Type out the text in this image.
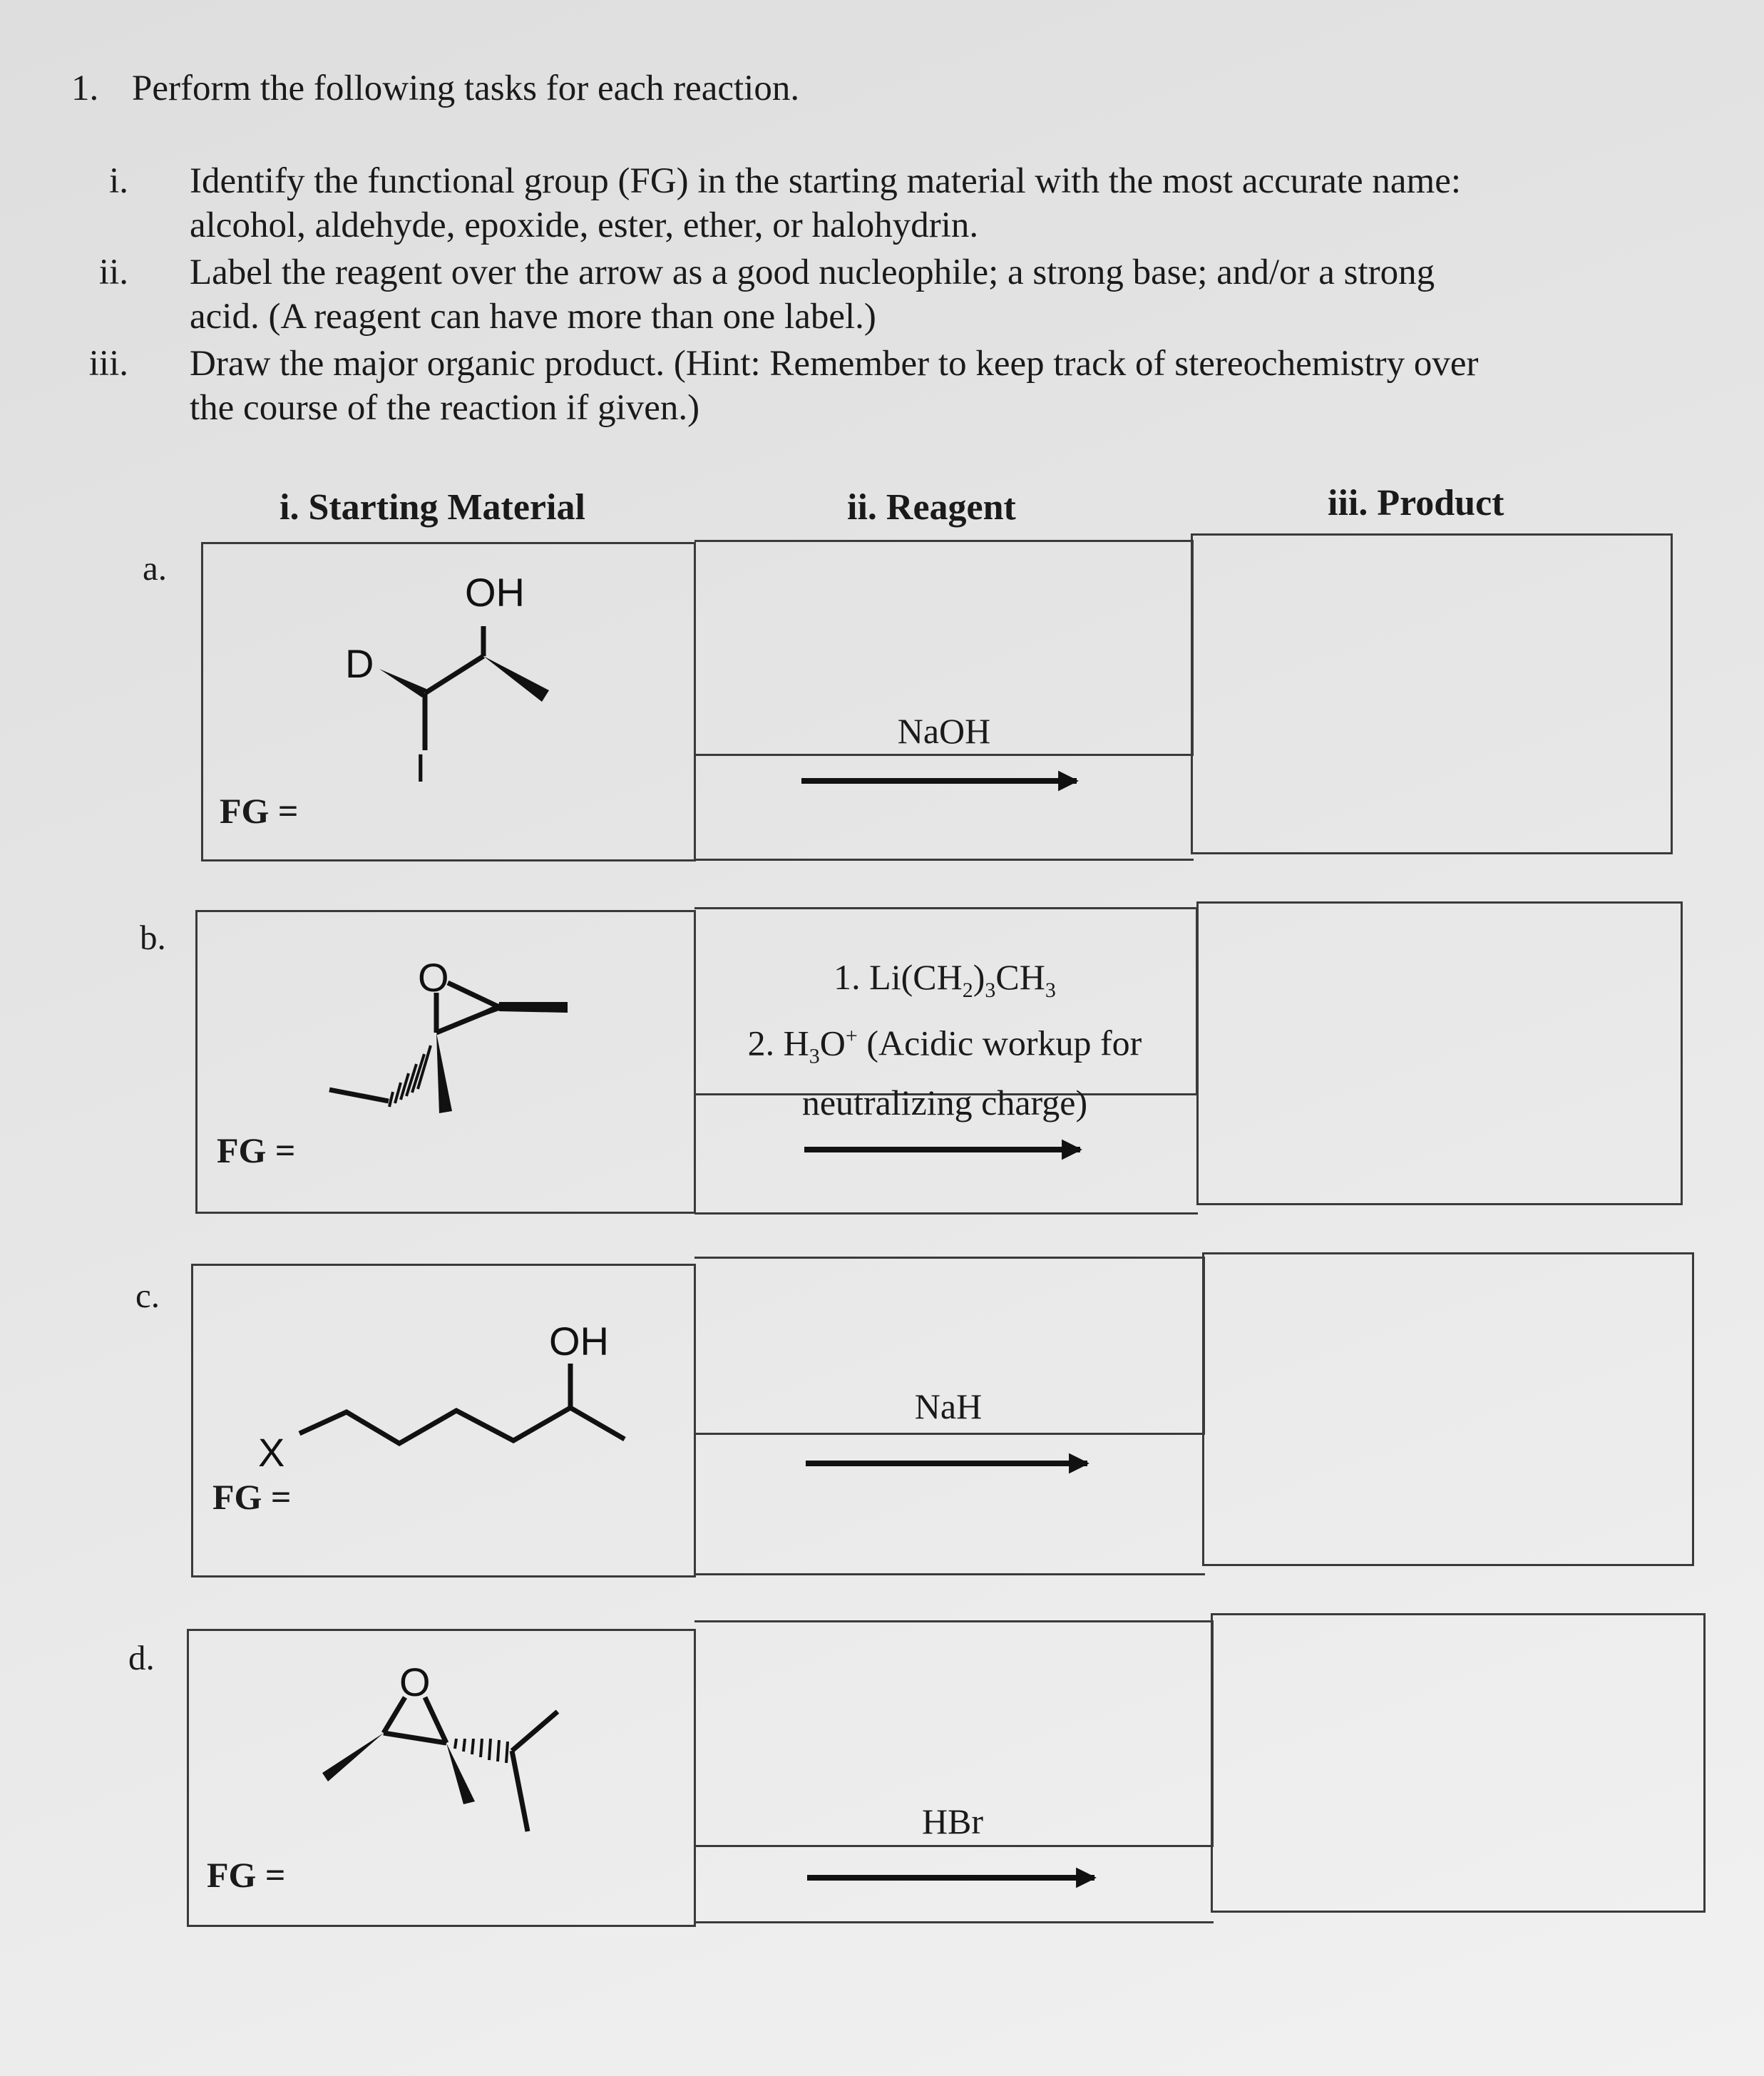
1. Perform the following tasks for each reaction.
i. Identify the functional group (FG) in the starting material with the most accurate name:
alcohol, aldehyde, epoxide, ester, ether, or halohydrin.
ii. Label the reagent over the arrow as a good nucleophile; a strong base; and/or a strong
acid. (A reagent can have more than one label.)
iii. Draw the major organic product. (Hint: Remember to keep track of stereochemistry over
the course of the reaction if given.)
i. Starting Material	ii. Reagent	iii. Product
a.
b.
c.
d.
FG =
FG =
FG =
FG =
NaOH
1. $Li(CH_2)_3CH_3$
2. $H_3O^+$ (Acidic workup for
neutralizing charge)
NaH
HBr
OH
D
I
O
X
OH
O
